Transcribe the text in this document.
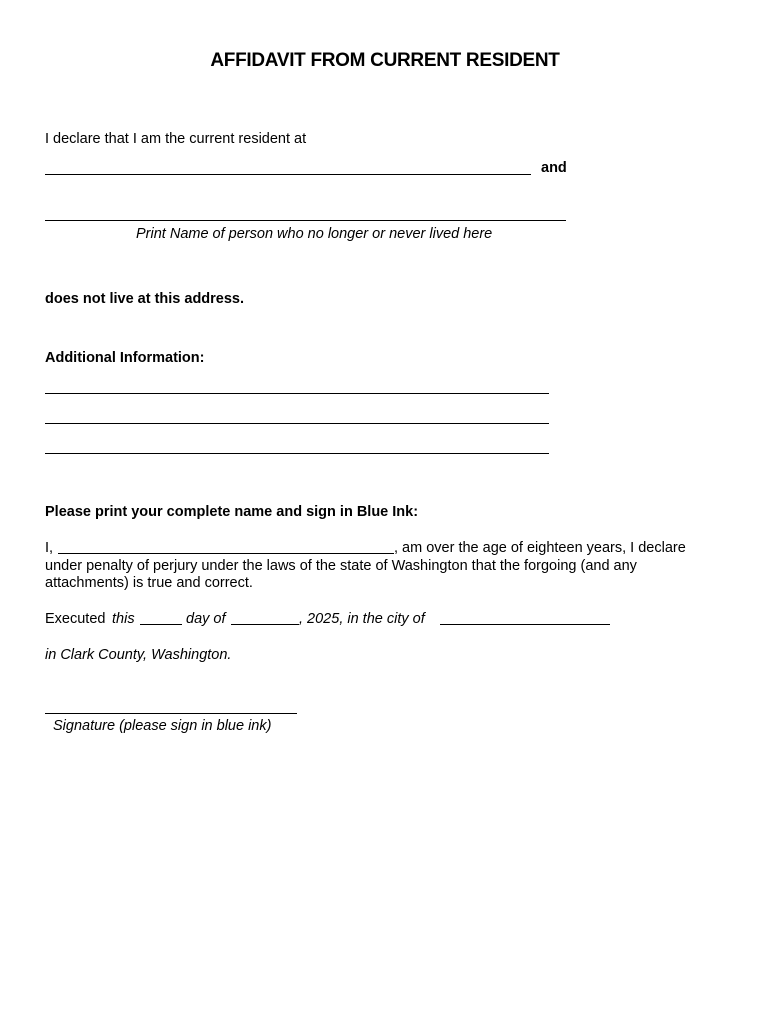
AFFIDAVIT FROM CURRENT RESIDENT
I declare that I am the current resident at
and
Print Name of person who no longer or never lived here
does not live at this address.
Additional Information:
Please print your complete name and sign in Blue Ink:
I,	, am over the age of eighteen years, I declare
under penalty of perjury under the laws of the state of Washington that the forgoing (and any
attachments) is true and correct.
Executed this	day of	, 2025, in the city of
in Clark County, Washington.
Signature (please sign in blue ink)
